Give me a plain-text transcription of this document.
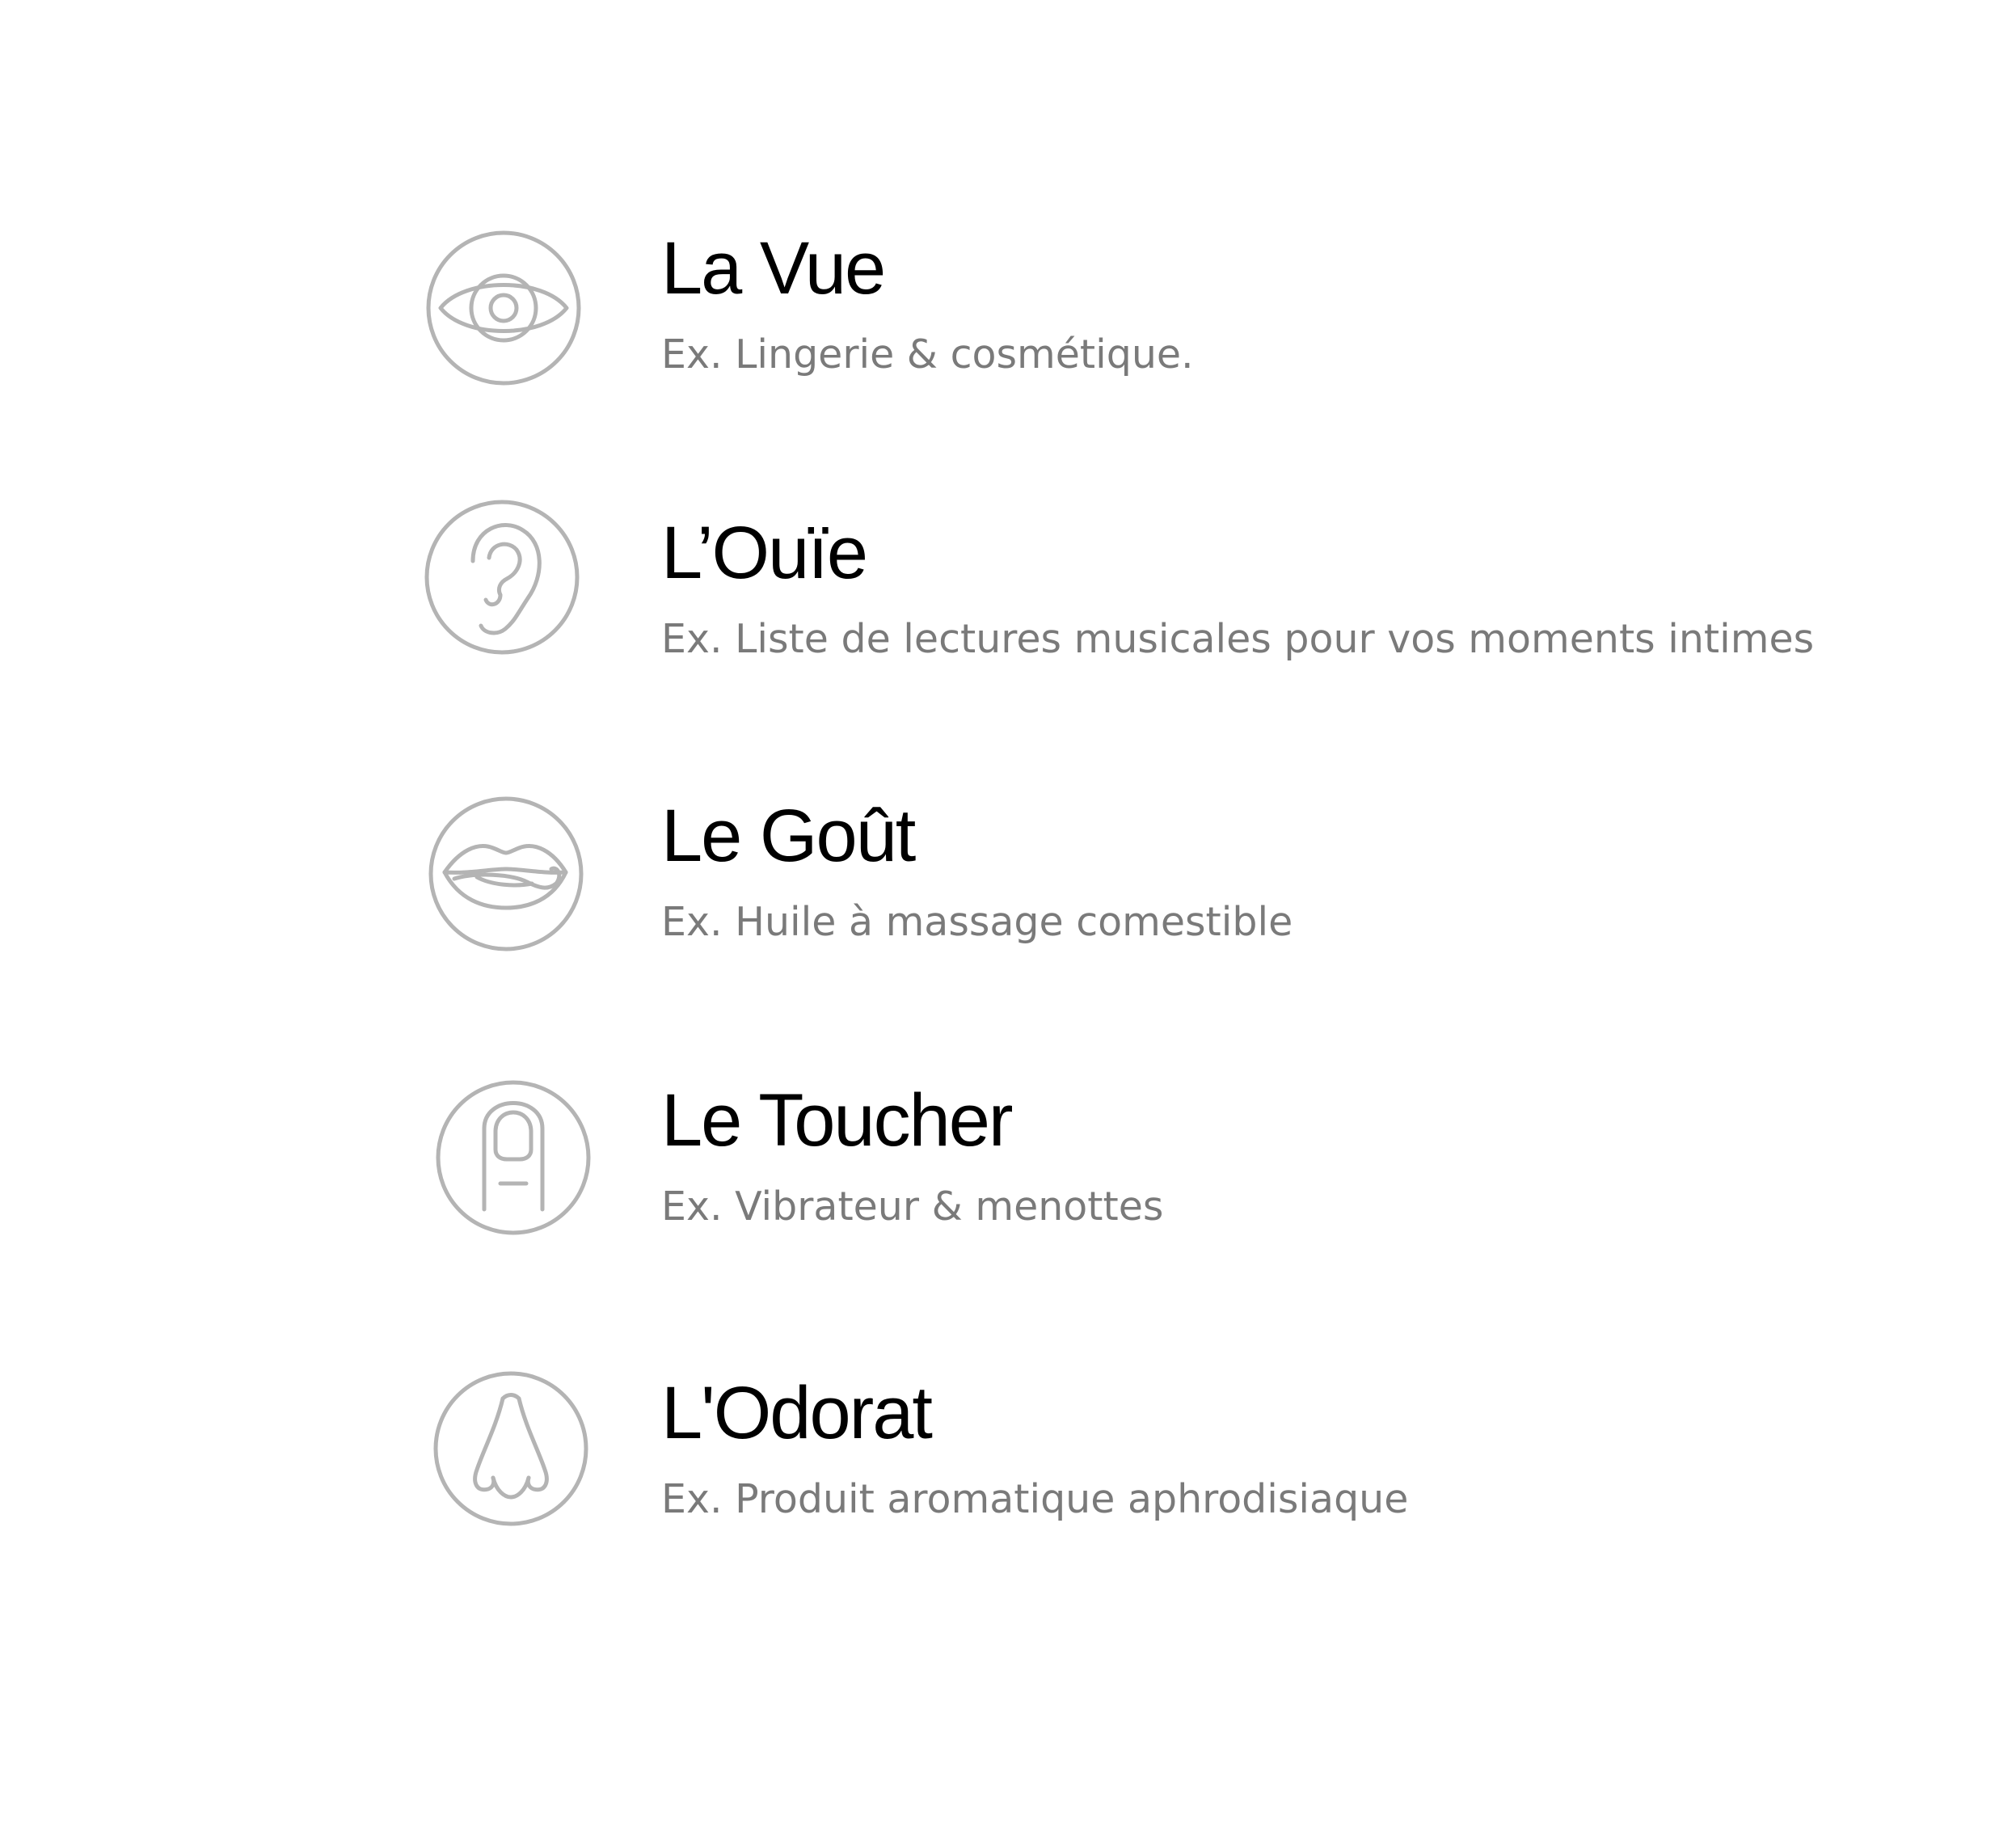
La Vue
Ex. Lingerie & cosmétique.
L’Ouïe
Ex. Liste de lectures musicales pour vos moments intimes
Le Goût
Ex. Huile à massage comestible
Le Toucher
Ex. Vibrateur & menottes
L'Odorat
Ex. Produit aromatique aphrodisiaque
